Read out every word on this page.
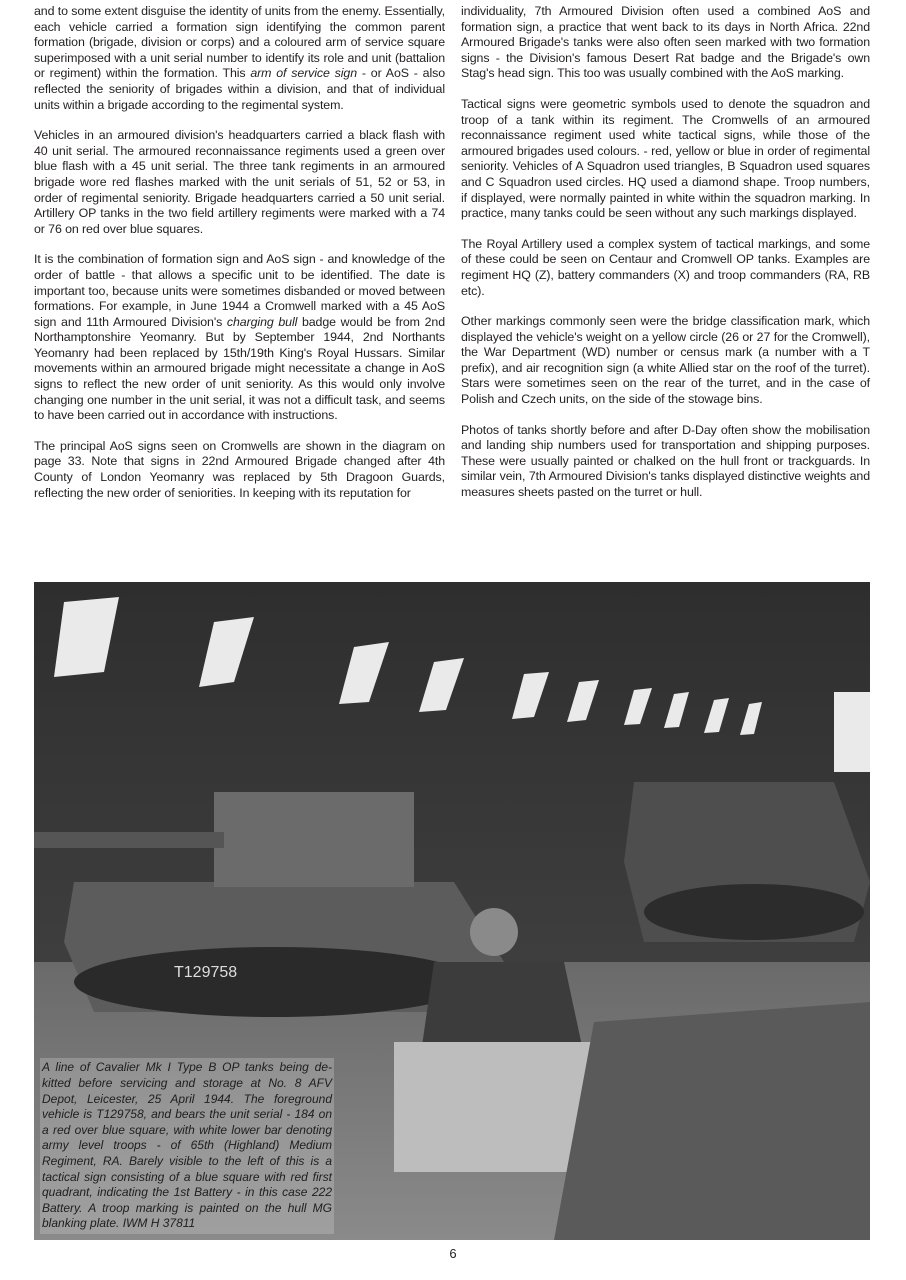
and to some extent disguise the identity of units from the enemy. Essentially, each vehicle carried a formation sign identifying the common parent formation (brigade, division or corps) and a coloured arm of service square superimposed with a unit serial number to identify its role and unit (battalion or regiment) within the formation. This arm of service sign - or AoS - also reflected the seniority of brigades within a division, and that of individual units within a brigade according to the regimental system.

Vehicles in an armoured division's headquarters carried a black flash with 40 unit serial. The armoured reconnaissance regiments used a green over blue flash with a 45 unit serial. The three tank regiments in an armoured brigade wore red flashes marked with the unit serials of 51, 52 or 53, in order of regimental seniority. Brigade headquarters carried a 50 unit serial. Artillery OP tanks in the two field artillery regiments were marked with a 74 or 76 on red over blue squares.

It is the combination of formation sign and AoS sign - and knowledge of the order of battle - that allows a specific unit to be identified. The date is important too, because units were sometimes disbanded or moved between formations. For example, in June 1944 a Cromwell marked with a 45 AoS sign and 11th Armoured Division's charging bull badge would be from 2nd Northamptonshire Yeomanry. But by September 1944, 2nd Northants Yeomanry had been replaced by 15th/19th King's Royal Hussars. Similar movements within an armoured brigade might necessitate a change in AoS signs to reflect the new order of unit seniority. As this would only involve changing one number in the unit serial, it was not a difficult task, and seems to have been carried out in accordance with instructions.

The principal AoS signs seen on Cromwells are shown in the diagram on page 33. Note that signs in 22nd Armoured Brigade changed after 4th County of London Yeomanry was replaced by 5th Dragoon Guards, reflecting the new order of seniorities. In keeping with its reputation for

individuality, 7th Armoured Division often used a combined AoS and formation sign, a practice that went back to its days in North Africa. 22nd Armoured Brigade's tanks were also often seen marked with two formation signs - the Division's famous Desert Rat badge and the Brigade's own Stag's head sign. This too was usually combined with the AoS marking.

Tactical signs were geometric symbols used to denote the squadron and troop of a tank within its regiment. The Cromwells of an armoured reconnaissance regiment used white tactical signs, while those of the armoured brigades used colours. - red, yellow or blue in order of regimental seniority. Vehicles of A Squadron used triangles, B Squadron used squares and C Squadron used circles. HQ used a diamond shape. Troop numbers, if displayed, were normally painted in white within the squadron marking. In practice, many tanks could be seen without any such markings displayed.

The Royal Artillery used a complex system of tactical markings, and some of these could be seen on Centaur and Cromwell OP tanks. Examples are regiment HQ (Z), battery commanders (X) and troop commanders (RA, RB etc).

Other markings commonly seen were the bridge classification mark, which displayed the vehicle's weight on a yellow circle (26 or 27 for the Cromwell), the War Department (WD) number or census mark (a number with a T prefix), and air recognition sign (a white Allied star on the roof of the turret). Stars were sometimes seen on the rear of the turret, and in the case of Polish and Czech units, on the side of the stowage bins.

Photos of tanks shortly before and after D-Day often show the mobilisation and landing ship numbers used for transportation and shipping purposes. These were usually painted or chalked on the hull front or trackguards. In similar vein, 7th Armoured Division's tanks displayed distinctive weights and measures sheets pasted on the turret or hull.

T129758
A line of Cavalier Mk I Type B OP tanks being de-kitted before servicing and storage at No. 8 AFV Depot, Leicester, 25 April 1944. The foreground vehicle is T129758, and bears the unit serial - 184 on a red over blue square, with white lower bar denoting army level troops - of 65th (Highland) Medium Regiment, RA. Barely visible to the left of this is a tactical sign consisting of a blue square with red first quadrant, indicating the 1st Battery - in this case 222 Battery. A troop marking is painted on the hull MG blanking plate. IWM H 37811
6
